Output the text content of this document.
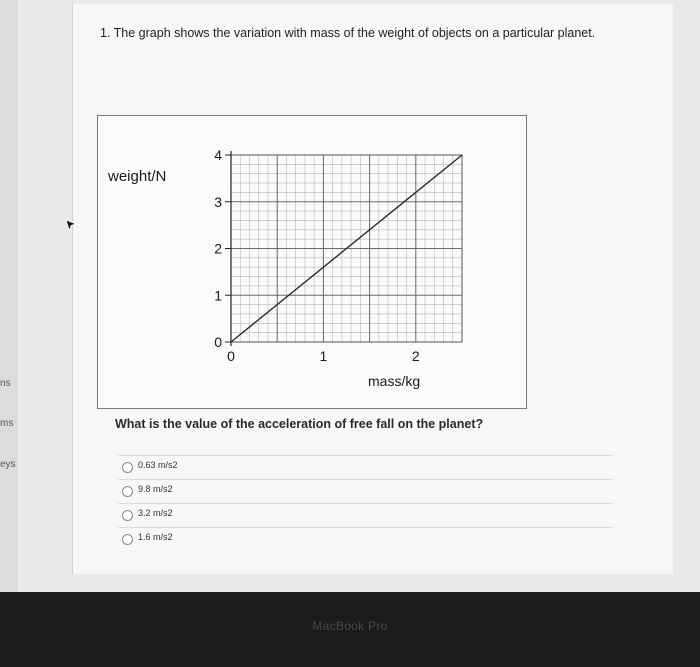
ns
ms
eys
1. The graph shows the variation with mass of the weight of objects on a particular planet.
0
1
2
3
4
0	1	2
weight/N
mass/kg
What is the value of the acceleration of free fall on the planet?
0.63 m/s2
9.8 m/s2
3.2 m/s2
1.6 m/s2
MacBook Pro
